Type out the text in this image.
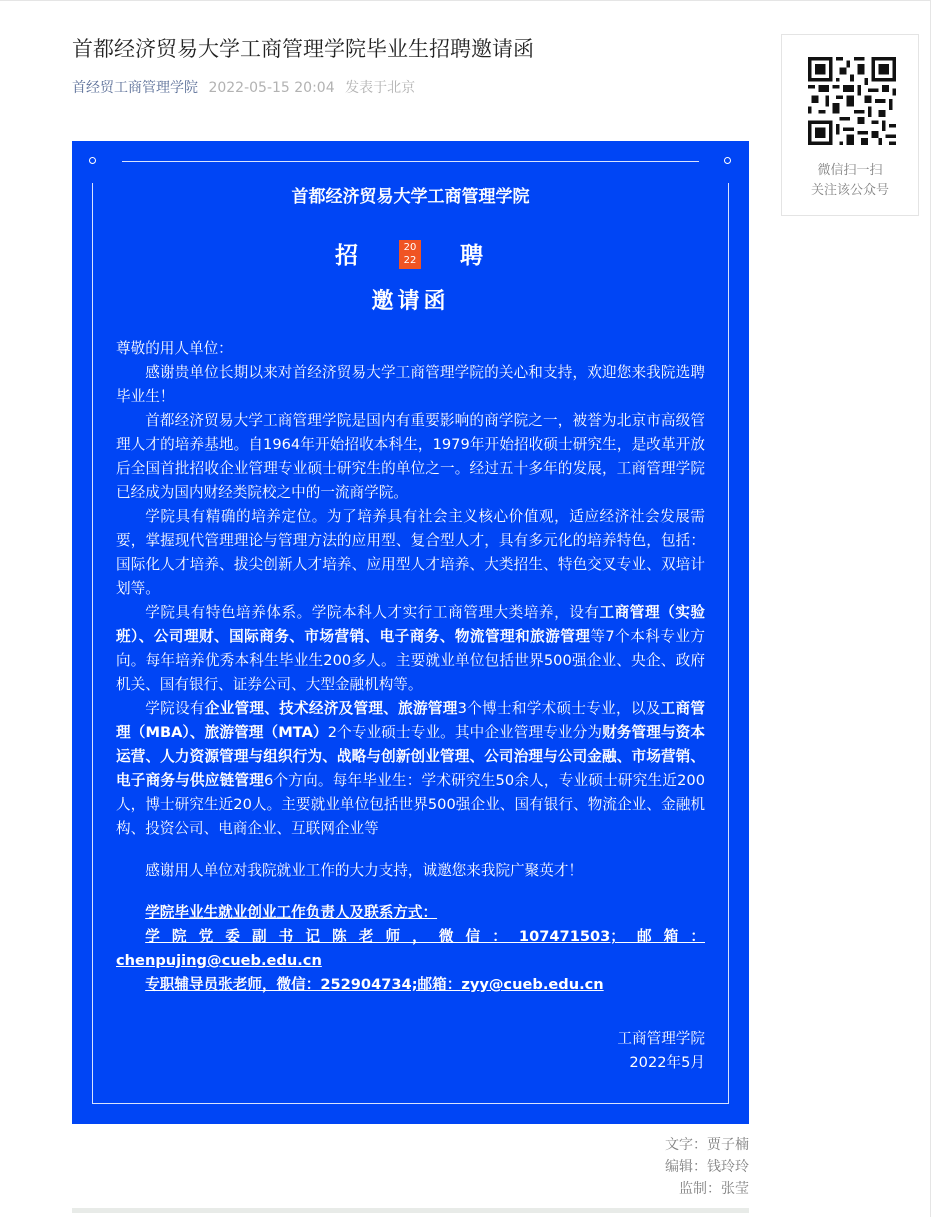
首都经济贸易大学工商管理学院毕业生招聘邀请函
首经贸工商管理学院 2022-05-15 20:04 发表于北京
微信扫一扫
关注该公众号
首都经济贸易大学工商管理学院
招	20
22 聘
邀请函

尊敬的用人单位：

感谢贵单位长期以来对首经济贸易大学工商管理学院的关心和支持，欢迎您来我院选聘毕业生！

首都经济贸易大学工商管理学院是国内有重要影响的商学院之一，被誉为北京市高级管理人才的培养基地。自1964年开始招收本科生，1979年开始招收硕士研究生，是改革开放后全国首批招收企业管理专业硕士研究生的单位之一。经过五十多年的发展，工商管理学院已经成为国内财经类院校之中的一流商学院。

学院具有精确的培养定位。为了培养具有社会主义核心价值观，适应经济社会发展需要，掌握现代管理理论与管理方法的应用型、复合型人才，具有多元化的培养特色，包括：国际化人才培养、拔尖创新人才培养、应用型人才培养、大类招生、特色交叉专业、双培计划等。

学院具有特色培养体系。学院本科人才实行工商管理大类培养，设有工商管理（实验班）、公司理财、国际商务、市场营销、电子商务、物流管理和旅游管理等7个本科专业方向。每年培养优秀本科生毕业生200多人。主要就业单位包括世界500强企业、央企、政府机关、国有银行、证券公司、大型金融机构等。

学院设有企业管理、技术经济及管理、旅游管理3个博士和学术硕士专业，以及工商管理（MBA）、旅游管理（MTA）2个专业硕士专业。其中企业管理专业分为财务管理与资本运营、人力资源管理与组织行为、战略与创新创业管理、公司治理与公司金融、市场营销、电子商务与供应链管理6个方向。每年毕业生：学术研究生50余人，专业硕士研究生近200人，博士研究生近20人。主要就业单位包括世界500强企业、国有银行、物流企业、金融机构、投资公司、电商企业、互联网企业等

感谢用人单位对我院就业工作的大力支持，诚邀您来我院广聚英才！

学院毕业生就业创业工作负责人及联系方式：

学院党委副书记陈老师，微信：107471503；邮箱：

chenpujing@cueb.edu.cn

专职辅导员张老师，微信：252904734;邮箱：zyy@cueb.edu.cn

工商管理学院

2022年5月

文字：贾子楠
编辑：钱玲玲
监制：张莹
